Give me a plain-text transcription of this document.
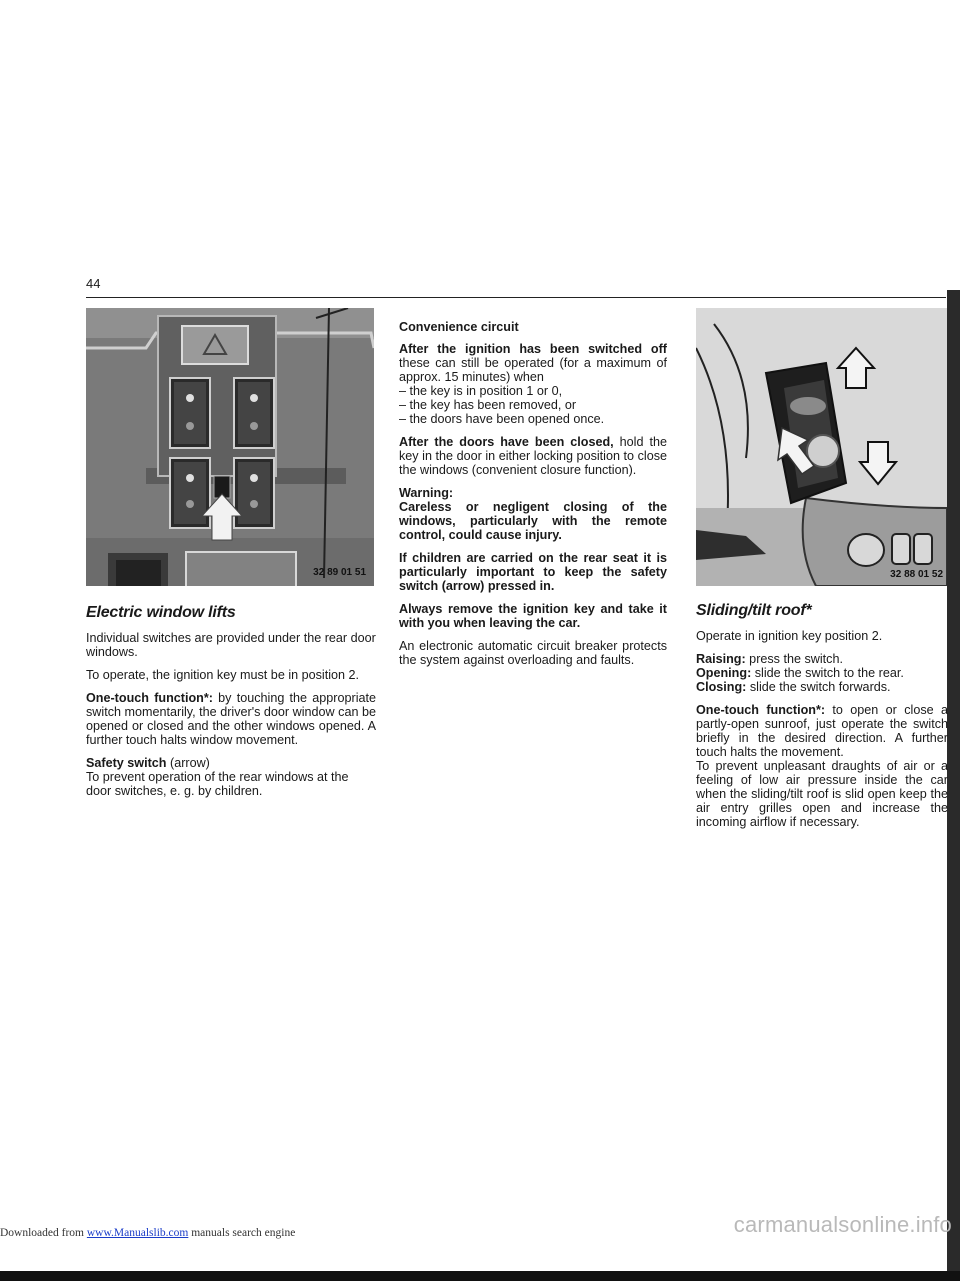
44
32 89 01 51	32 88 01 52
Electric window lifts

Individual switches are provided under the rear door windows.

To operate, the ignition key must be in position 2.

One-touch function*: by touching the appropriate switch momentarily, the driver's door window can be opened or closed and the other windows opened. A further touch halts window movement.

Safety switch (arrow)
To prevent operation of the rear windows at the door switches, e. g. by children.

Convenience circuit

After the ignition has been switched off these can still be operated (for a maximum of approx. 15 minutes) when

– the key is in position 1 or 0,
– the key has been removed, or
– the doors have been opened once.

After the doors have been closed, hold the key in the door in either locking position to close the windows (convenient closure function).

Warning:
Careless or negligent closing of the windows, particularly with the remote control, could cause injury.

If children are carried on the rear seat it is particularly important to keep the safety switch (arrow) pressed in.

Always remove the ignition key and take it with you when leaving the car.

An electronic automatic circuit breaker protects the system against overloading and faults.

Sliding/tilt roof*

Operate in ignition key position 2.

Raising: press the switch.
Opening: slide the switch to the rear.
Closing: slide the switch forwards.

One-touch function*: to open or close a partly-open sunroof, just operate the switch briefly in the desired direction. A further touch halts the movement.

To prevent unpleasant draughts of air or a feeling of low air pressure inside the car when the sliding/tilt roof is slid open keep the air entry grilles open and increase the incoming airflow if necessary.

Downloaded from www.Manualslib.com manuals search engine	carmanualsonline.info
